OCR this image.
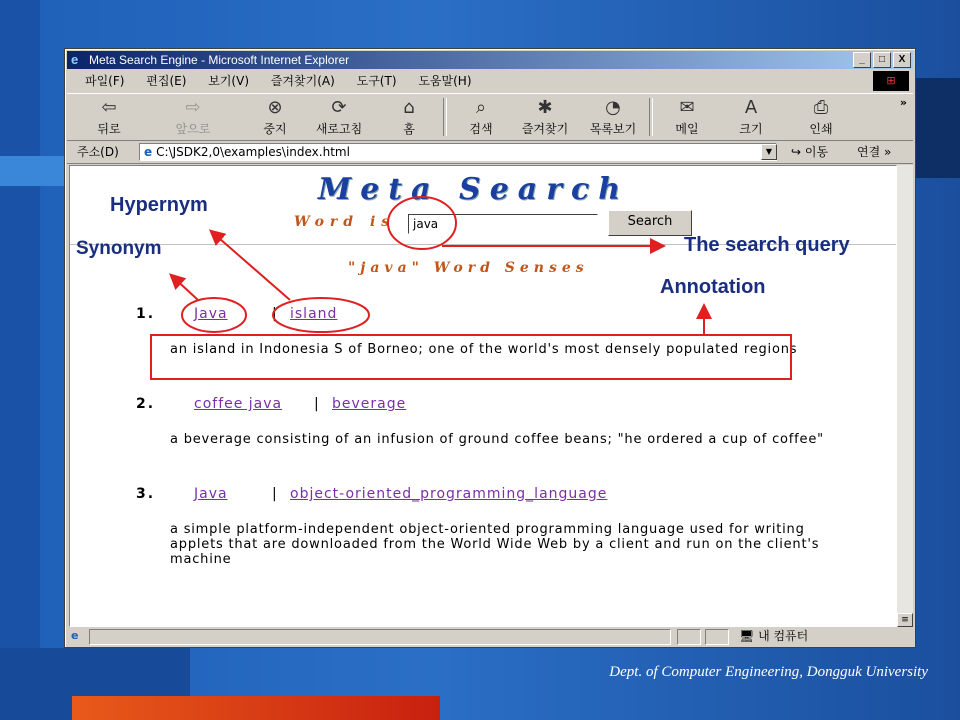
e Meta Search Engine - Microsoft Internet Explorer	_	□	X
파일(F) 편집(E) 보기(V) 즐겨찾기(A) 도구(T) 도움말(H)	⊞
⇦
뒤로
⇨
앞으로
⊗
중지
⟳
새로고침
⌂
홈
⌕
검색
✱
즐겨찾기
◔
목록보기
✉
메일
A
크기
⎙
인쇄
»
주소(D)	e C:\JSDK2,0\examples\index.html	▼	↪ 이동 연결 »
Meta Search
Word is	java	Search
"java" Word Senses
1.	Java	| island
an island in Indonesia S of Borneo; one of the world's most densely populated regions
2.	coffee java | beverage
a beverage consisting of an infusion of ground coffee beans; "he ordered a cup of coffee"
3.	Java	| object-oriented_programming_language
a simple platform-independent object-oriented programming language used for writing applets that are downloaded from the World Wide Web by a client and run on the client's machine
≡
e	🖥 내 컴퓨터
Hypernym
Synonym	The search query
Annotation
Dept. of Computer Engineering, Dongguk University
